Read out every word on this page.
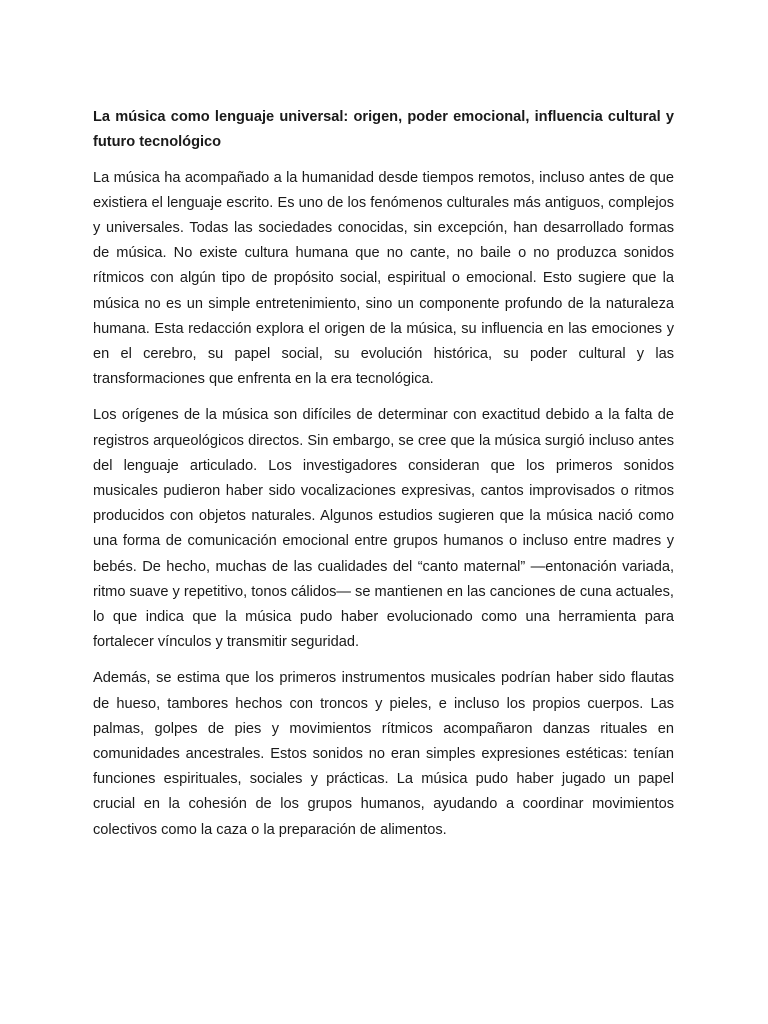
La música como lenguaje universal: origen, poder emocional, influencia cultural y futuro tecnológico

La música ha acompañado a la humanidad desde tiempos remotos, incluso antes de que existiera el lenguaje escrito. Es uno de los fenómenos culturales más antiguos, complejos y universales. Todas las sociedades conocidas, sin excepción, han desarrollado formas de música. No existe cultura humana que no cante, no baile o no produzca sonidos rítmicos con algún tipo de propósito social, espiritual o emocional. Esto sugiere que la música no es un simple entretenimiento, sino un componente profundo de la naturaleza humana. Esta redacción explora el origen de la música, su influencia en las emociones y en el cerebro, su papel social, su evolución histórica, su poder cultural y las transformaciones que enfrenta en la era tecnológica.

Los orígenes de la música son difíciles de determinar con exactitud debido a la falta de registros arqueológicos directos. Sin embargo, se cree que la música surgió incluso antes del lenguaje articulado. Los investigadores consideran que los primeros sonidos musicales pudieron haber sido vocalizaciones expresivas, cantos improvisados o ritmos producidos con objetos naturales. Algunos estudios sugieren que la música nació como una forma de comunicación emocional entre grupos humanos o incluso entre madres y bebés. De hecho, muchas de las cualidades del “canto maternal” —entonación variada, ritmo suave y repetitivo, tonos cálidos— se mantienen en las canciones de cuna actuales, lo que indica que la música pudo haber evolucionado como una herramienta para fortalecer vínculos y transmitir seguridad.

Además, se estima que los primeros instrumentos musicales podrían haber sido flautas de hueso, tambores hechos con troncos y pieles, e incluso los propios cuerpos. Las palmas, golpes de pies y movimientos rítmicos acompañaron danzas rituales en comunidades ancestrales. Estos sonidos no eran simples expresiones estéticas: tenían funciones espirituales, sociales y prácticas. La música pudo haber jugado un papel crucial en la cohesión de los grupos humanos, ayudando a coordinar movimientos colectivos como la caza o la preparación de alimentos.
